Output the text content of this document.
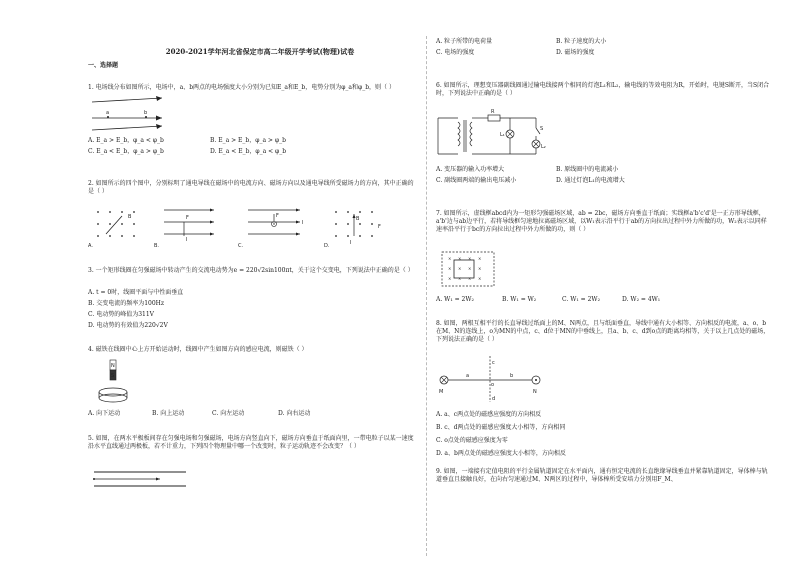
2020-2021学年河北省保定市高二年级开学考试(物理)试卷
一、选择题
1. 电场线分布如图所示，电场中，a、b两点的电场强度大小分别为已知E_a和E_b，电势分别为φ_a和φ_b，则（ ）
a	b
A. E_a > E_b，φ_a < φ_b	B. E_a > E_b，φ_a > φ_b
C. E_a < E_b，φ_a > φ_b	D. E_a < E_b，φ_a < φ_b
2. 如图所示的四个图中，分别标明了通电导线在磁场中的电流方向、磁场方向以及通电导线所受磁场力的方向，其中正确的是（ ）
B
A.
F
I
B.
F
I
C.
B
I
F
D.
3. 一个矩形线圈在匀强磁场中转动产生的交流电动势为e = 220√2sin100πt，关于这个交变电，下列说法中正确的是（ ）
A. t = 0时，线圈平面与中性面垂直
B. 交变电流的频率为100Hz
C. 电动势的峰值为311V
D. 电动势的有效值为220√2V
4. 磁铁在线圈中心上方开始运动时，线圈中产生如图方向的感应电流，则磁铁（ ）
N
S
A. 向下运动	B. 向上运动	C. 向左运动	D. 向右运动
5. 如图，在两水平极板间存在匀强电场和匀强磁场，电场方向竖直向下，磁场方向垂直于纸面向里，一带电粒子以某一速度沿水平直线通过两极板，若不计重力，下列四个物理量中哪一个改变时，粒子运动轨迹不会改变？（ ）
A. 粒子所带的电荷量	B. 粒子速度的大小
C. 电场的强度	D. 磁场的强度
6. 如图所示，理想变压器副线圈通过输电线接两个相同的灯泡L₁和L₂，输电线的等效电阻为R，开始时，电键S断开，当S闭合时，下列说法中正确的是（ ）
R
L₁
S
L₂
A. 变压器的输入功率增大	B. 原线圈中的电流减小
C. 副线圈两端的输出电压减小	D. 通过灯泡L₁的电流增大
7. 如图所示，虚线框abcd内为一矩形匀强磁场区域，ab = 2bc，磁场方向垂直于纸面；实线框a'b'c'd'是一正方形导线框，a'b'边与ab边平行，若将导线框匀速地拉离磁场区域，以W₁表示沿平行于ab的方向拉出过程中外力所做的功，W₂表示以同样速率沿平行于bc的方向拉出过程中外力所做的功，则（ ）
× × × ×
× × × ×
× × × ×
A. W₁ = 2W₂	B. W₁ = W₂	C. W₁ = 2W₂	D. W₂ = 4W₁
8. 如图，两根互相平行的长直导线过纸面上的M、N两点，且与纸面垂直，导线中通有大小相等、方向相反的电流，a、o、b在M、N的连线上，o为MN的中点，c、d位于MN的中垂线上，且a、b、c、d到o点的距离均相等，关于以上几点处的磁场，下列说法正确的是（ ）
M
a
o
b
N
c
d
A. a、c两点处的磁感应强度的方向相反
B. c、d两点处的磁感应强度大小相等，方向相同
C. o点处的磁感应强度为零
D. a、b两点处的磁感应强度大小相等，方向相反
9. 如图，一端接有定值电阻的平行金属轨道固定在水平面内，通有恒定电流的长直绝缘导线垂直并紧靠轨道固定，导体棒与轨道垂直且接触良好，在向右匀速通过M、N两区的过程中，导体棒所受安培力分别用F_M、
